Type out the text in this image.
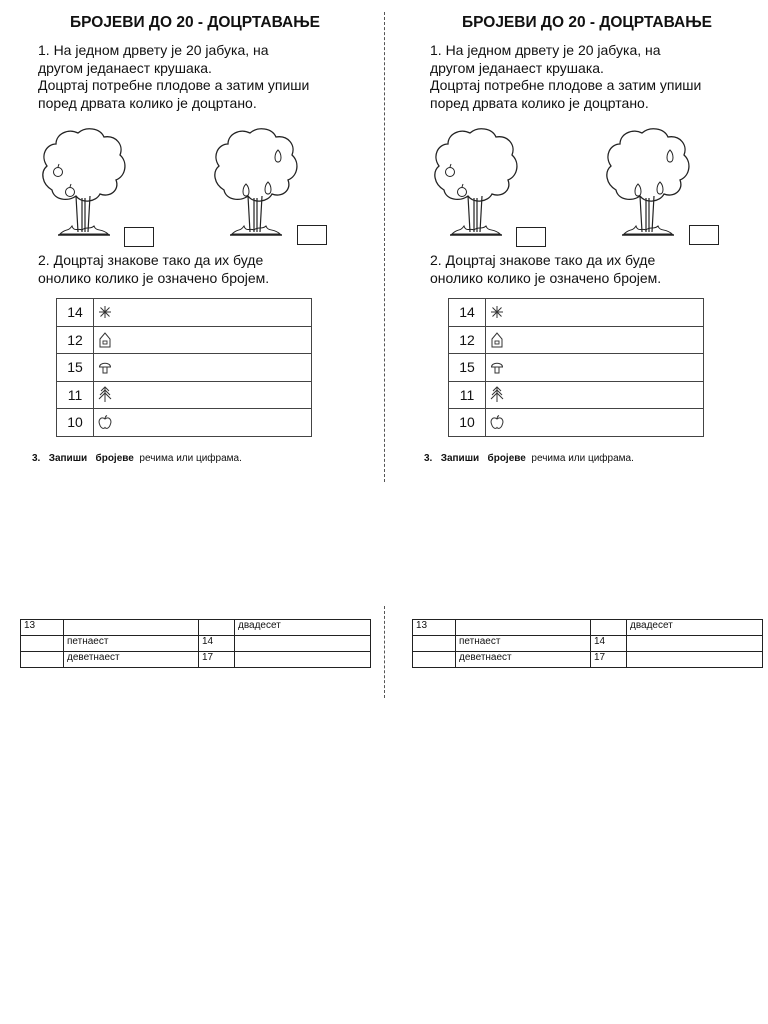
БРОЈЕВИ ДО 20 - ДОЦРТАВАЊЕ
1. На једном дрвету је 20 јабука, на
другом једанаест крушака.
Доцртај потребне плодове а затим упиши
поред дрвата колико је доцртано.
2. Доцртај знакове тако да их буде
онолико колико је означено бројем.
14	

12	

15	

11	

10	
3. Запиши бројеве речима или цифрама.
13			двадесет
	петнаест	14	
	деветнаест	17	
БРОЈЕВИ ДО 20 - ДОЦРТАВАЊЕ
1. На једном дрвету је 20 јабука, на
другом једанаест крушака.
Доцртај потребне плодове а затим упиши
поред дрвата колико је доцртано.
2. Доцртај знакове тако да их буде
онолико колико је означено бројем.
14	

12	

15	

11	

10	
3. Запиши бројеве речима или цифрама.
13			двадесет
	петнаест	14	
	деветнаест	17	
